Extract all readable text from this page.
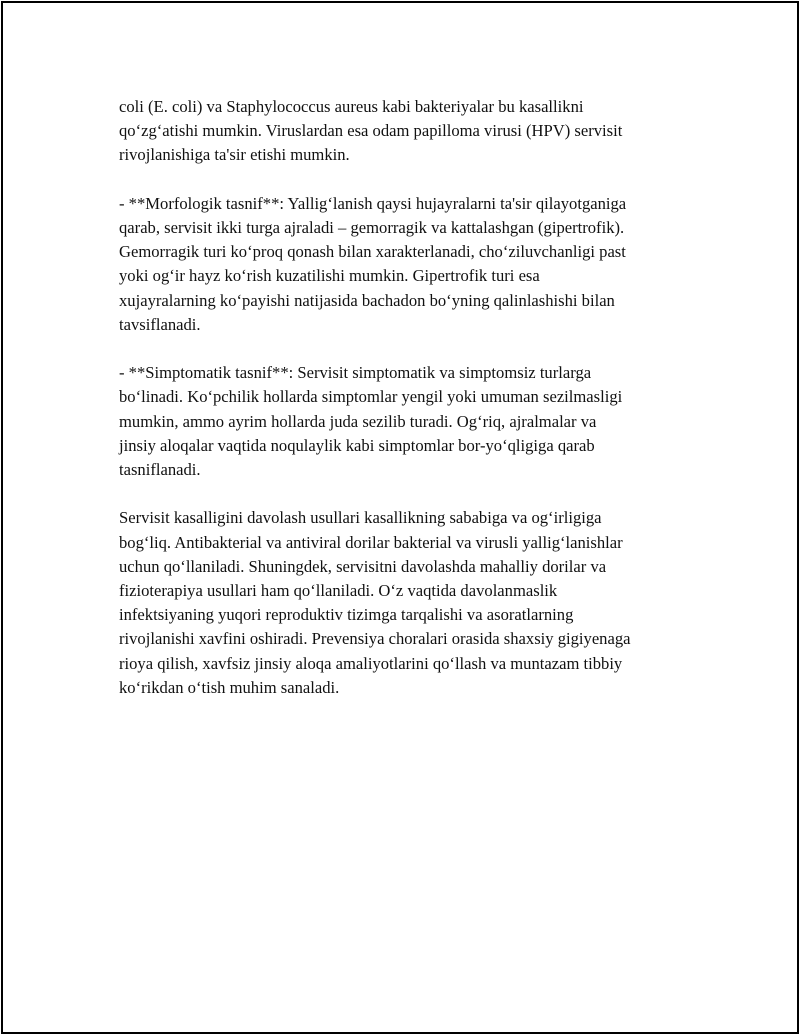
coli (E. coli) va Staphylococcus aureus kabi bakteriyalar bu kasallikni
qo‘zg‘atishi mumkin. Viruslardan esa odam papilloma virusi (HPV) servisit
rivojlanishiga ta'sir etishi mumkin.

- **Morfologik tasnif**: Yallig‘lanish qaysi hujayralarni ta'sir qilayotganiga
qarab, servisit ikki turga ajraladi – gemorragik va kattalashgan (gipertrofik).
Gemorragik turi ko‘proq qonash bilan xarakterlanadi, cho‘ziluvchanligi past
yoki og‘ir hayz ko‘rish kuzatilishi mumkin. Gipertrofik turi esa
xujayralarning ko‘payishi natijasida bachadon bo‘yning qalinlashishi bilan
tavsiflanadi.

- **Simptomatik tasnif**: Servisit simptomatik va simptomsiz turlarga
bo‘linadi. Ko‘pchilik hollarda simptomlar yengil yoki umuman sezilmasligi
mumkin, ammo ayrim hollarda juda sezilib turadi. Og‘riq, ajralmalar va
jinsiy aloqalar vaqtida noqulaylik kabi simptomlar bor-yo‘qligiga qarab
tasniflanadi.

Servisit kasalligini davolash usullari kasallikning sababiga va og‘irligiga
bog‘liq. Antibakterial va antiviral dorilar bakterial va virusli yallig‘lanishlar
uchun qo‘llaniladi. Shuningdek, servisitni davolashda mahalliy dorilar va
fizioterapiya usullari ham qo‘llaniladi. O‘z vaqtida davolanmaslik
infektsiyaning yuqori reproduktiv tizimga tarqalishi va asoratlarning
rivojlanishi xavfini oshiradi. Prevensiya choralari orasida shaxsiy gigiyenaga
rioya qilish, xavfsiz jinsiy aloqa amaliyotlarini qo‘llash va muntazam tibbiy
ko‘rikdan o‘tish muhim sanaladi.
